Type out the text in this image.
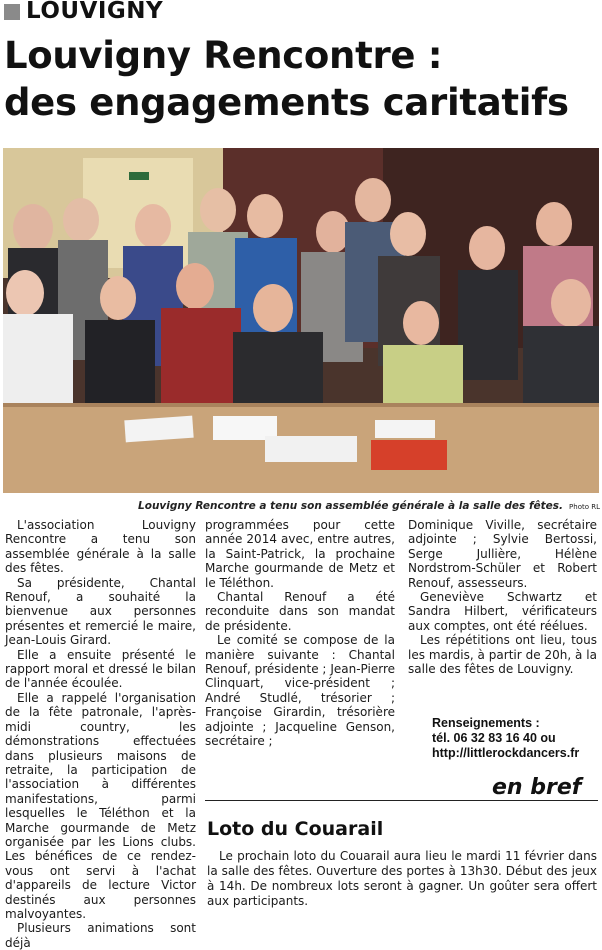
LOUVIGNY
Louvigny Rencontre :
des engagements caritatifs
Louvigny Rencontre a tenu son assemblée générale à la salle des fêtes. Photo RL

L'association Louvigny Rencontre a tenu son assemblée générale à la salle des fêtes.

Sa présidente, Chantal Renouf, a souhaité la bienvenue aux personnes présentes et remercié le maire, Jean-Louis Girard.

Elle a ensuite présenté le rapport moral et dressé le bilan de l'année écoulée.

Elle a rappelé l'organisation de la fête patronale, l'après-midi country, les démonstrations effectuées dans plusieurs maisons de retraite, la participation de l'association à différentes manifestations, parmi lesquelles le Téléthon et la Marche gourmande de Metz organisée par les Lions clubs. Les bénéfices de ce rendez-vous ont servi à l'achat d'appareils de lecture Victor destinés aux personnes malvoyantes.

Plusieurs animations sont déjà

programmées pour cette année 2014 avec, entre autres, la Saint-Patrick, la prochaine Marche gourmande de Metz et le Téléthon.

Chantal Renouf a été reconduite dans son mandat de présidente.

Le comité se compose de la manière suivante : Chantal Renouf, présidente ; Jean-Pierre Clinquart, vice-président ; André Studlé, trésorier ; Françoise Girardin, trésorière adjointe ; Jacqueline Genson, secrétaire ;

Dominique Viville, secrétaire adjointe ; Sylvie Bertossi, Serge Jullière, Hélène Nordstrom-Schüler et Robert Renouf, assesseurs.

Geneviève Schwartz et Sandra Hilbert, vérificateurs aux comptes, ont été réélues.

Les répétitions ont lieu, tous les mardis, à partir de 20h, à la salle des fêtes de Louvigny.

Renseignements :
tél. 06 32 83 16 40 ou
http://littlerockdancers.fr
en bref
Loto du Couarail
Le prochain loto du Couarail aura lieu le mardi 11 février dans la salle des fêtes. Ouverture des portes à 13h30. Début des jeux à 14h. De nombreux lots seront à gagner. Un goûter sera offert aux participants.
